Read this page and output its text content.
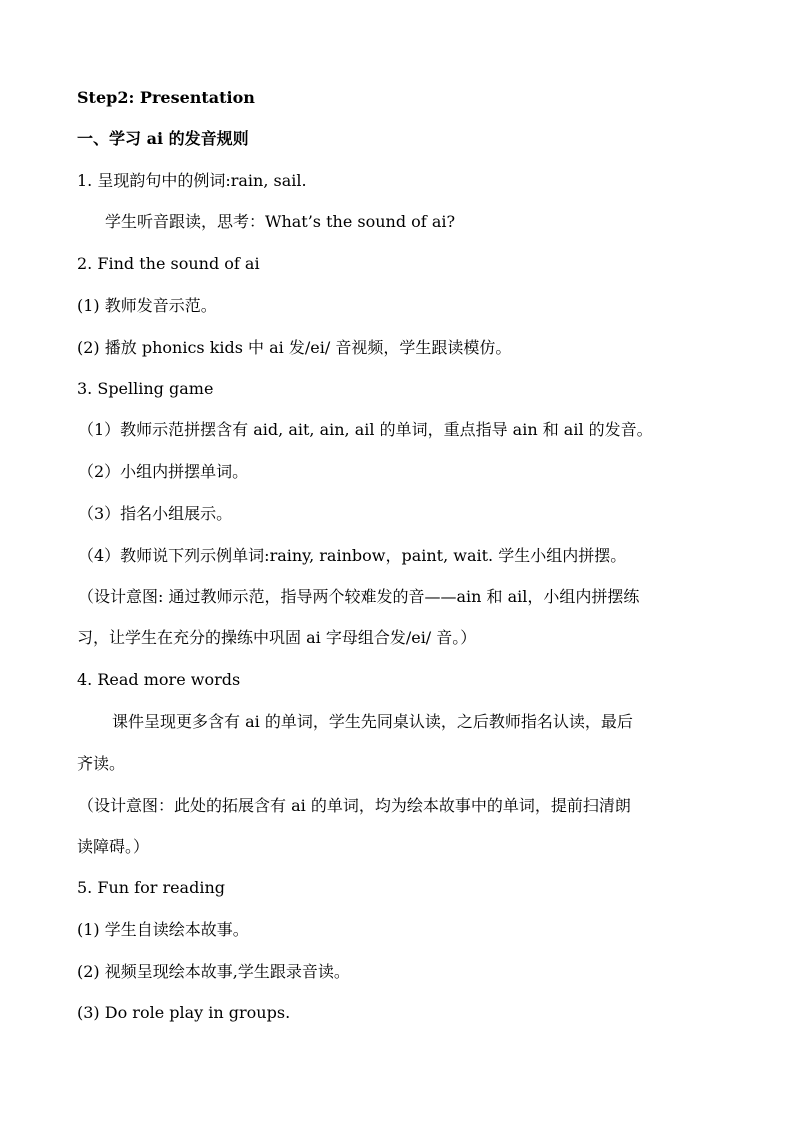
Step2: Presentation
一、学习 ai 的发音规则
1. 呈现韵句中的例词:rain, sail.
学生听音跟读，思考：What’s the sound of ai?
2. Find the sound of ai
(1) 教师发音示范。
(2) 播放 phonics kids 中 ai 发/ei/ 音视频，学生跟读模仿。
3. Spelling game
（1）教师示范拼摆含有 aid, ait, ain, ail 的单词，重点指导 ain 和 ail 的发音。
（2）小组内拼摆单词。
（3）指名小组展示。
（4）教师说下列示例单词:rainy, rainbow，paint, wait. 学生小组内拼摆。
（设计意图: 通过教师示范，指导两个较难发的音——ain 和 ail，小组内拼摆练
习，让学生在充分的操练中巩固 ai 字母组合发/ei/ 音。）
4. Read more words
课件呈现更多含有 ai 的单词，学生先同桌认读，之后教师指名认读，最后
齐读。
（设计意图：此处的拓展含有 ai 的单词，均为绘本故事中的单词，提前扫清朗
读障碍。）
5. Fun for reading
(1) 学生自读绘本故事。
(2) 视频呈现绘本故事,学生跟录音读。
(3) Do role play in groups.
